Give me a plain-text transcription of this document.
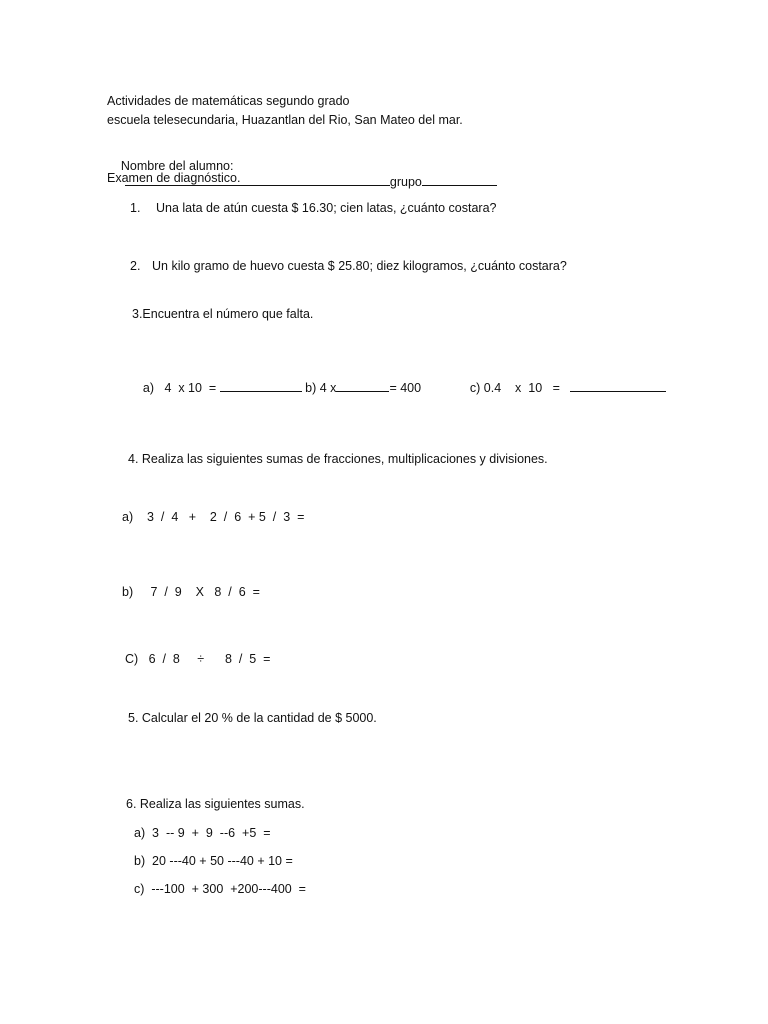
Actividades de matemáticas segundo grado
escuela telesecundaria, Huazantlan del Rio, San Mateo del mar.

Nombre del alumno:
grupo

Examen de diagnóstico.
1. Una lata de atún cuesta $ 16.30; cien latas, ¿cuánto costara?
2. Un kilo gramo de huevo cuesta $ 25.80; diez kilogramos, ¿cuánto costara?
3.Encuentra el número que falta.

a)   4  x 10  =	b) 4 x	= 400
	c) 0.4    x  10   =

4. Realiza las siguientes sumas de fracciones, multiplicaciones y divisiones.
a)    3  /  4   +    2  /  6  + 5  /  3  =
b)     7  /  9    X   8  /  6  =
C)   6  /  8     ÷      8  /  5  =
5. Calcular el 20 % de la cantidad de $ 5000.
6. Realiza las siguientes sumas.
a)  3  -- 9  +  9  --6  +5  =
b)  20 ---40 + 50 ---40 + 10 =
c)  ---100  + 300  +200---400  =
